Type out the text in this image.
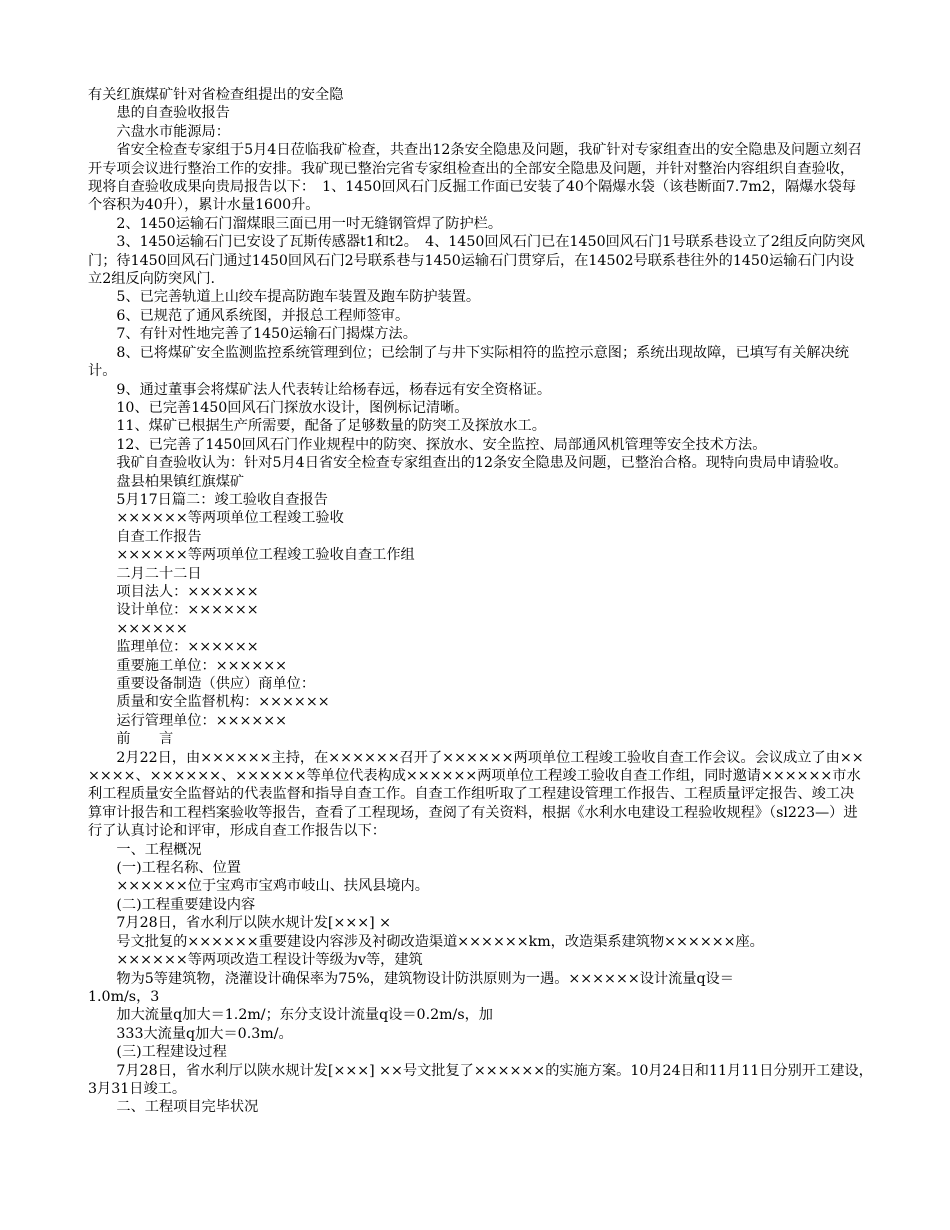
有关红旗煤矿针对省检查组提出的安全隐

患的自查验收报告

六盘水市能源局：

省安全检查专家组于5月4日莅临我矿检查，共查出12条安全隐患及问题，我矿针对专家组查出的安全隐患及问题立刻召开专项会议进行整治工作的安排。我矿现已整治完省专家组检查出的全部安全隐患及问题，并针对整治内容组织自查验收，现将自查验收成果向贵局报告以下：　1、1450回风石门反掘工作面已安装了40个隔爆水袋（该巷断面7.7m2，隔爆水袋每个容积为40升），累计水量1600升。

2、1450运输石门溜煤眼三面已用一吋无缝钢管焊了防护栏。

3、1450运输石门已安设了瓦斯传感器t1和t2。　4、1450回风石门已在1450回风石门1号联系巷设立了2组反向防突风门；待1450回风石门通过1450回风石门2号联系巷与1450运输石门贯穿后，在14502号联系巷往外的1450运输石门内设立2组反向防突风门.

5、已完善轨道上山绞车提高防跑车装置及跑车防护装置。

6、已规范了通风系统图，并报总工程师签审。

7、有针对性地完善了1450运输石门揭煤方法。

8、已将煤矿安全监测监控系统管理到位；已绘制了与井下实际相符的监控示意图；系统出现故障，已填写有关解决统计。

9、通过董事会将煤矿法人代表转让给杨春远，杨春远有安全资格证。

10、已完善1450回风石门探放水设计，图例标记清晰。

11、煤矿已根据生产所需要，配备了足够数量的防突工及探放水工。

12、已完善了1450回风石门作业规程中的防突、探放水、安全监控、局部通风机管理等安全技术方法。

我矿自查验收认为：针对5月4日省安全检查专家组查出的12条安全隐患及问题，已整治合格。现特向贵局申请验收。

盘县柏果镇红旗煤矿

5月17日篇二：竣工验收自查报告

××××××等两项单位工程竣工验收

自查工作报告

××××××等两项单位工程竣工验收自查工作组

二月二十二日

项目法人：××××××

设计单位：××××××

××××××

监理单位：××××××

重要施工单位：××××××

重要设备制造（供应）商单位：

质量和安全监督机构：××××××

运行管理单位：××××××

前　　言

2月22日，由××××××主持，在××××××召开了××××××两项单位工程竣工验收自查工作会议。会议成立了由××××××、××××××、××××××等单位代表构成××××××两项单位工程竣工验收自查工作组，同时邀请××××××市水利工程质量安全监督站的代表监督和指导自查工作。自查工作组听取了工程建设管理工作报告、工程质量评定报告、竣工决算审计报告和工程档案验收等报告，查看了工程现场，查阅了有关资料，根据《水利水电建设工程验收规程》（sl223—）进行了认真讨论和评审，形成自查工作报告以下：

一、工程概况

(一)工程名称、位置

××××××位于宝鸡市宝鸡市岐山、扶风县境内。

(二)工程重要建设内容

7月28日，省水利厅以陕水规计发[×××] ×

号文批复的××××××重要建设内容涉及衬砌改造渠道××××××km，改造渠系建筑物××××××座。

××××××等两项改造工程设计等级为ⅴ等，建筑

物为5等建筑物，浇灌设计确保率为75%，建筑物设计防洪原则为一遇。××××××设计流量q设＝

1.0m/s，3

加大流量q加大＝1.2m/；东分支设计流量q设＝0.2m/s，加

333大流量q加大＝0.3m/。

(三)工程建设过程

7月28日，省水利厅以陕水规计发[×××] ××号文批复了××××××的实施方案。10月24日和11月11日分别开工建设，　3月31日竣工。

二、工程项目完毕状况
